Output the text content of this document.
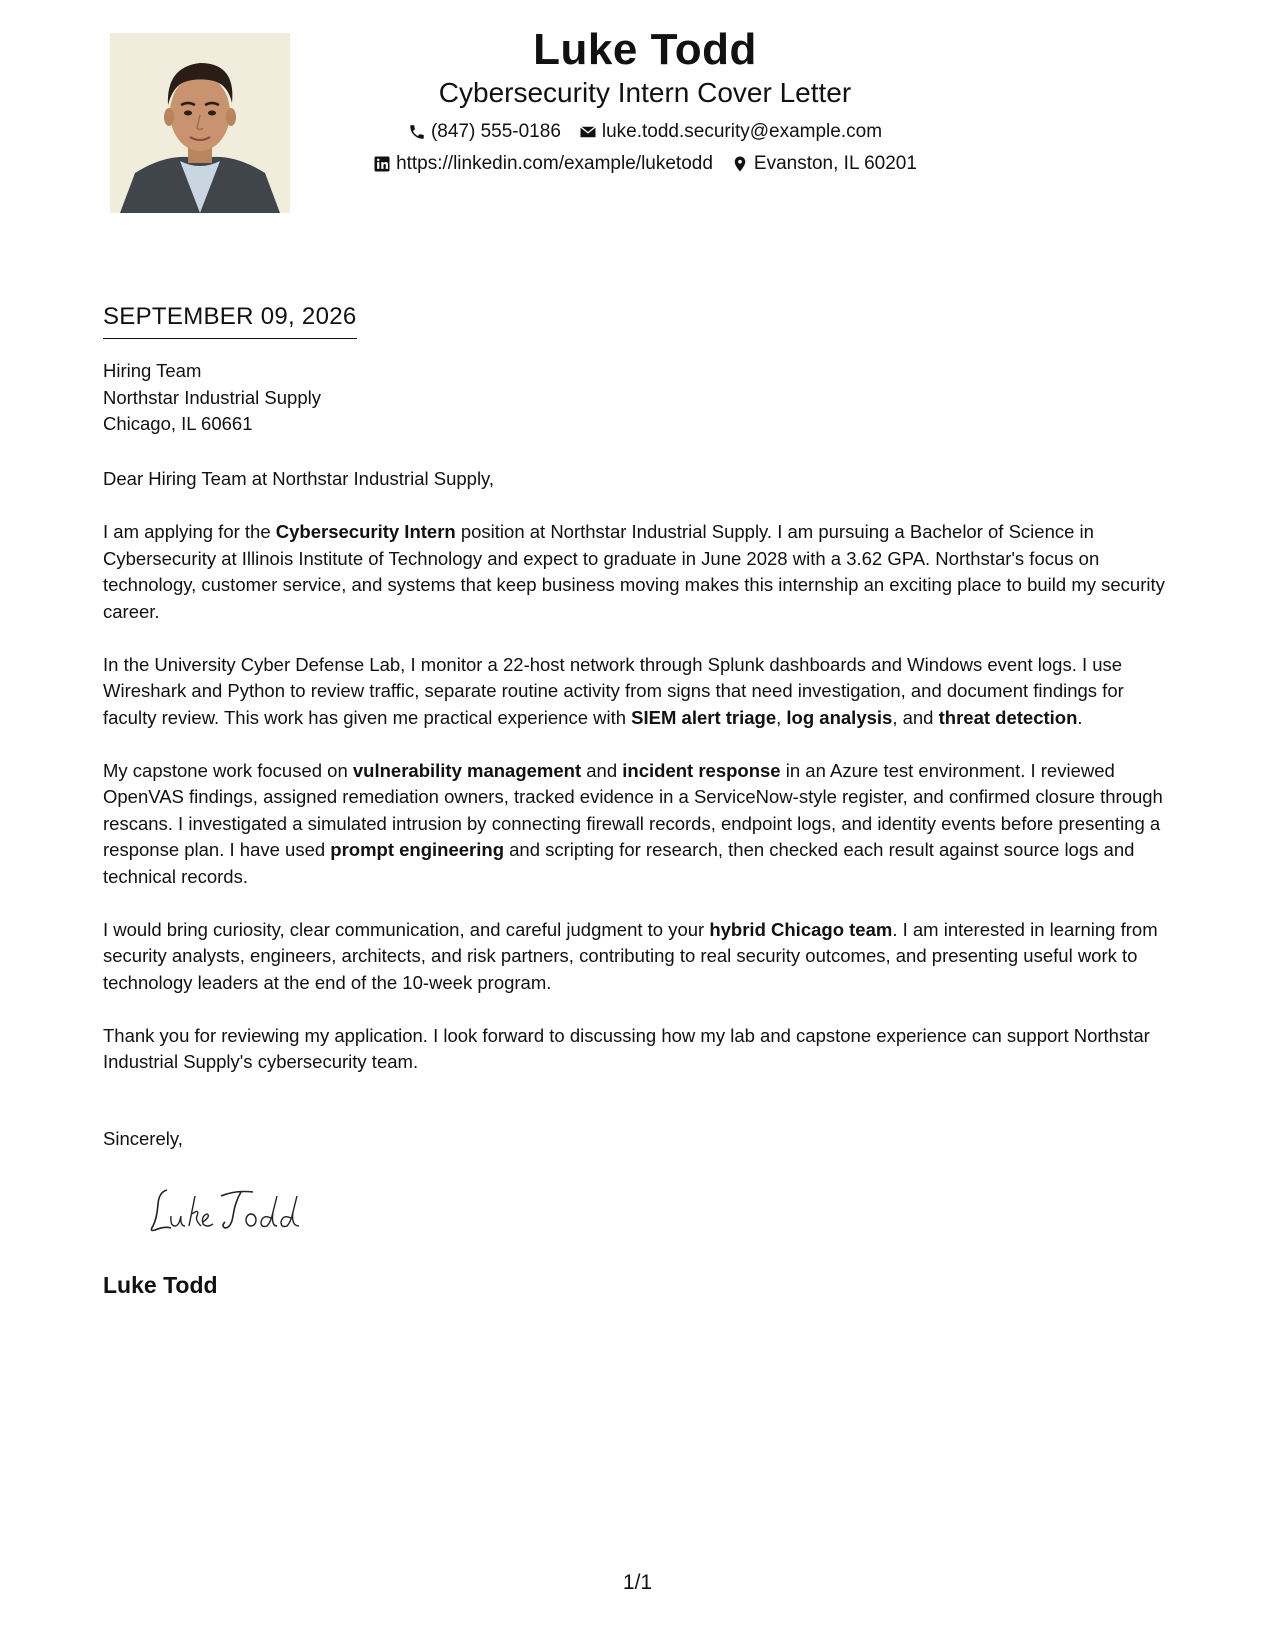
Luke Todd
Cybersecurity Intern Cover Letter
(847) 555-0186 luke.todd.security@example.com
https://linkedin.com/example/luketodd Evanston, IL 60201
SEPTEMBER 09, 2026
Hiring Team
Northstar Industrial Supply
Chicago, IL 60661

Dear Hiring Team at Northstar Industrial Supply,

I am applying for the Cybersecurity Intern position at Northstar Industrial Supply. I am pursuing a Bachelor of Science in Cybersecurity at Illinois Institute of Technology and expect to graduate in June 2028 with a 3.62 GPA. Northstar's focus on technology, customer service, and systems that keep business moving makes this internship an exciting place to build my security career.

In the University Cyber Defense Lab, I monitor a 22-host network through Splunk dashboards and Windows event logs. I use Wireshark and Python to review traffic, separate routine activity from signs that need investigation, and document findings for faculty review. This work has given me practical experience with SIEM alert triage, log analysis, and threat detection.

My capstone work focused on vulnerability management and incident response in an Azure test environment. I reviewed OpenVAS findings, assigned remediation owners, tracked evidence in a ServiceNow-style register, and confirmed closure through rescans. I investigated a simulated intrusion by connecting firewall records, endpoint logs, and identity events before presenting a response plan. I have used prompt engineering and scripting for research, then checked each result against source logs and technical records.

I would bring curiosity, clear communication, and careful judgment to your hybrid Chicago team. I am interested in learning from security analysts, engineers, architects, and risk partners, contributing to real security outcomes, and presenting useful work to technology leaders at the end of the 10-week program.

Thank you for reviewing my application. I look forward to discussing how my lab and capstone experience can support Northstar Industrial Supply's cybersecurity team.

Sincerely,
Luke Todd
1/1
